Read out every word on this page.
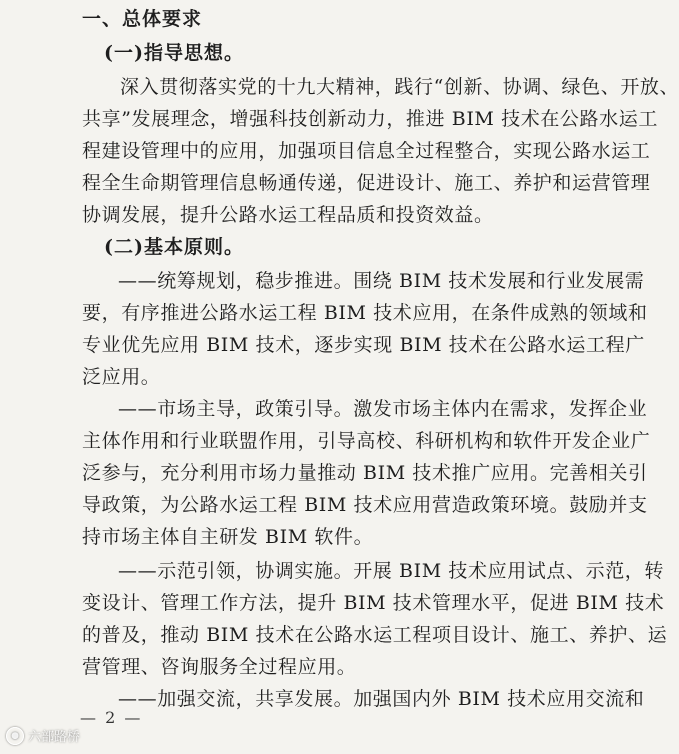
一、总体要求
(一)指导思想。
深入贯彻落实党的十九大精神，践行“创新、协调、绿色、开放、
共享”发展理念，增强科技创新动力，推进 BIM 技术在公路水运工
程建设管理中的应用，加强项目信息全过程整合，实现公路水运工
程全生命期管理信息畅通传递，促进设计、施工、养护和运营管理
协调发展，提升公路水运工程品质和投资效益。
(二)基本原则。
——统筹规划，稳步推进。围绕 BIM 技术发展和行业发展需
要，有序推进公路水运工程 BIM 技术应用，在条件成熟的领域和
专业优先应用 BIM 技术，逐步实现 BIM 技术在公路水运工程广
泛应用。
——市场主导，政策引导。激发市场主体内在需求，发挥企业
主体作用和行业联盟作用，引导高校、科研机构和软件开发企业广
泛参与，充分利用市场力量推动 BIM 技术推广应用。完善相关引
导政策，为公路水运工程 BIM 技术应用营造政策环境。鼓励并支
持市场主体自主研发 BIM 软件。
——示范引领，协调实施。开展 BIM 技术应用试点、示范，转
变设计、管理工作方法，提升 BIM 技术管理水平，促进 BIM 技术
的普及，推动 BIM 技术在公路水运工程项目设计、施工、养护、运
营管理、咨询服务全过程应用。
——加强交流，共享发展。加强国内外 BIM 技术应用交流和
— 2 —
● 六部路桥
